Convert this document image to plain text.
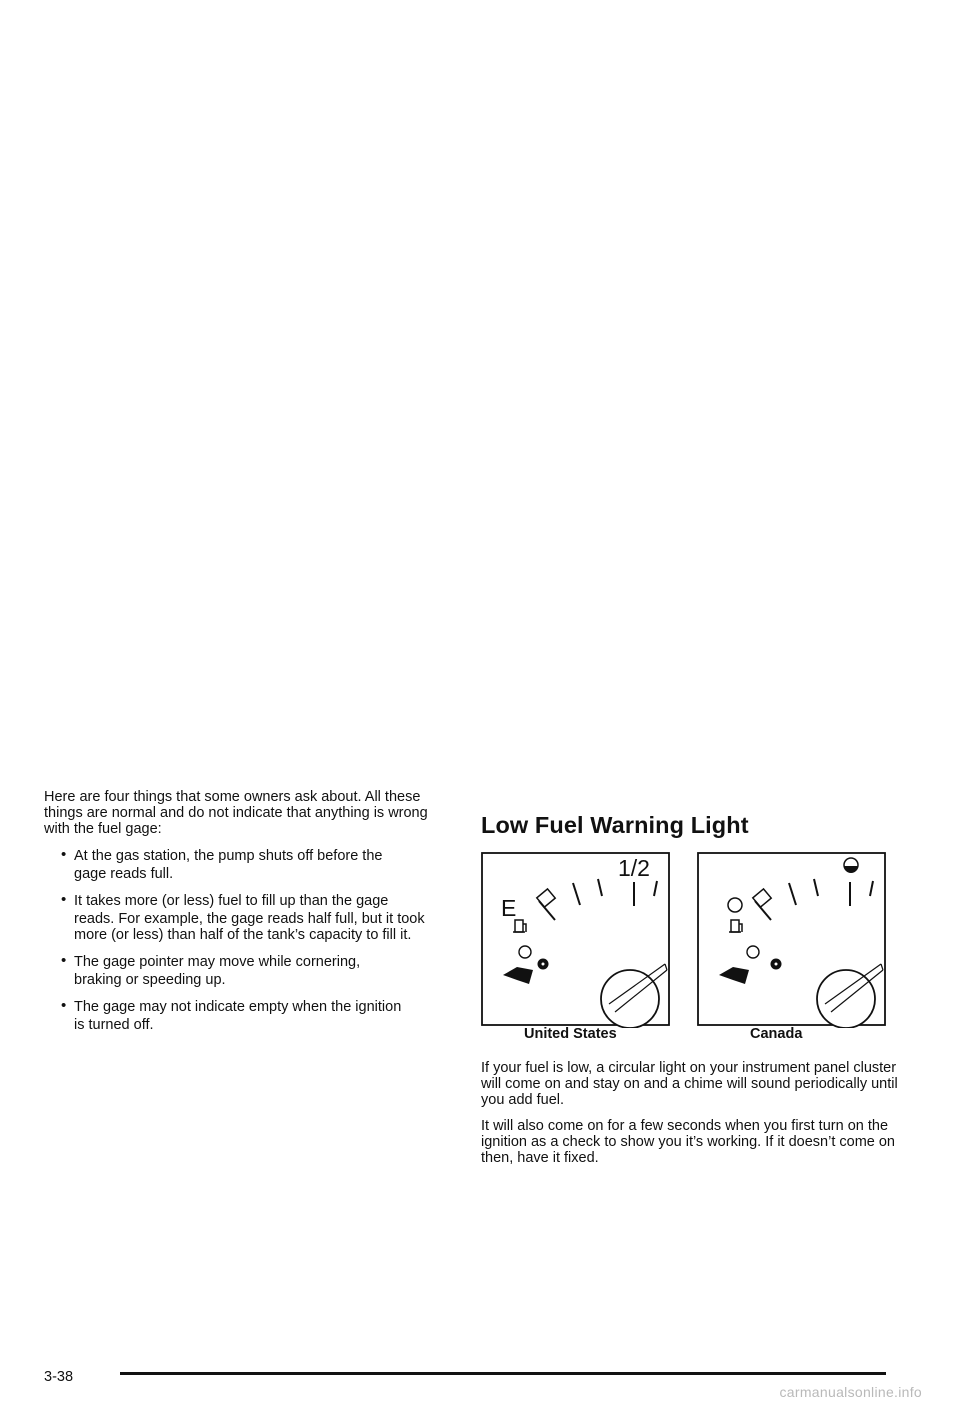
Here are four things that some owners ask about. All these things are normal and do not indicate that anything is wrong with the fuel gage:

• At the gas station, the pump shuts off before the
gage reads full.
• It takes more (or less) fuel to fill up than the gage
reads. For example, the gage reads half full, but it took more (or less) than half of the tank’s capacity to fill it.
• The gage pointer may move while cornering,
braking or speeding up.
• The gage may not indicate empty when the ignition
is turned off.
Low Fuel Warning Light
1/2
E
United States	Canada

If your fuel is low, a circular light on your instrument panel cluster will come on and stay on and a chime will sound periodically until you add fuel.

It will also come on for a few seconds when you first turn on the ignition as a check to show you it’s working. If it doesn’t come on then, have it fixed.

3-38
carmanualsonline.info
